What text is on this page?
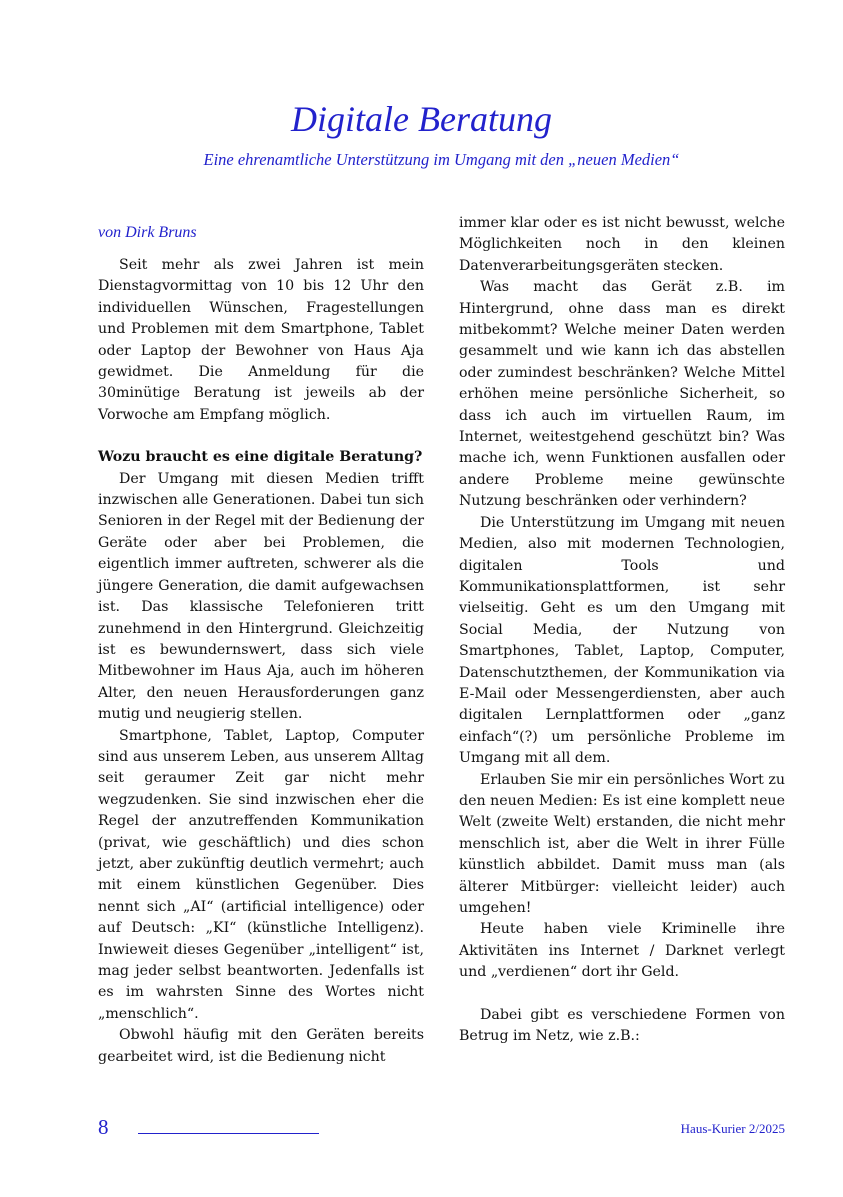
Digitale Beratung
Eine ehrenamtliche Unterstützung im Umgang mit den „neuen Medien“
von Dirk Bruns

Seit mehr als zwei Jahren ist mein Dienstagvormittag von 10 bis 12 Uhr den individuellen Wünschen, Fragestellungen und Problemen mit dem Smartphone, Tablet oder Laptop der Bewohner von Haus Aja gewidmet. Die Anmeldung für die 30minütige Beratung ist jeweils ab der Vorwoche am Empfang möglich.

Wozu braucht es eine digitale Beratung?

Der Umgang mit diesen Medien trifft inzwischen alle Generationen. Dabei tun sich Senioren in der Regel mit der Bedienung der Geräte oder aber bei Problemen, die eigentlich immer auftreten, schwerer als die jüngere Generation, die damit aufgewachsen ist. Das klassische Telefonieren tritt zunehmend in den Hintergrund. Gleichzeitig ist es bewundernswert, dass sich viele Mitbewohner im Haus Aja, auch im höheren Alter, den neuen Herausforderungen ganz mutig und neugierig stellen.

Smartphone, Tablet, Laptop, Computer sind aus unserem Leben, aus unserem Alltag seit geraumer Zeit gar nicht mehr wegzudenken. Sie sind inzwischen eher die Regel der anzutreffenden Kommunikation (privat, wie geschäftlich) und dies schon jetzt, aber zukünftig deutlich vermehrt; auch mit einem künstlichen Gegenüber. Dies nennt sich „AI“ (artificial intelligence) oder auf Deutsch: „KI“ (künstliche Intelligenz). Inwieweit dieses Gegenüber „intelligent“ ist, mag jeder selbst beantworten. Jedenfalls ist es im wahrsten Sinne des Wortes nicht „menschlich“.

Obwohl häufig mit den Geräten bereits gearbeitet wird, ist die Bedienung nicht

immer klar oder es ist nicht bewusst, welche Möglichkeiten noch in den kleinen Datenverarbeitungsgeräten stecken.

Was macht das Gerät z.B. im Hintergrund, ohne dass man es direkt mitbekommt? Welche meiner Daten werden gesammelt und wie kann ich das abstellen oder zumindest beschränken? Welche Mittel erhöhen meine persönliche Sicherheit, so dass ich auch im virtuellen Raum, im Internet, weitestgehend geschützt bin? Was mache ich, wenn Funktionen ausfallen oder andere Probleme meine gewünschte Nutzung beschränken oder verhindern?

Die Unterstützung im Umgang mit neuen Medien, also mit modernen Technologien, digitalen Tools und Kommunikationsplattformen, ist sehr vielseitig. Geht es um den Umgang mit Social Media, der Nutzung von Smartphones, Tablet, Laptop, Computer, Datenschutzthemen, der Kommunikation via E-Mail oder Messengerdiensten, aber auch digitalen Lernplattformen oder „ganz einfach“(?) um persönliche Probleme im Umgang mit all dem.

Erlauben Sie mir ein persönliches Wort zu den neuen Medien: Es ist eine komplett neue Welt (zweite Welt) erstanden, die nicht mehr menschlich ist, aber die Welt in ihrer Fülle künstlich abbildet. Damit muss man (als älterer Mitbürger: vielleicht leider) auch umgehen!

Heute haben viele Kriminelle ihre Aktivitäten ins Internet / Darknet verlegt und „verdienen“ dort ihr Geld.

Dabei gibt es verschiedene Formen von Betrug im Netz, wie z.B.:

8	Haus-Kurier 2/2025
